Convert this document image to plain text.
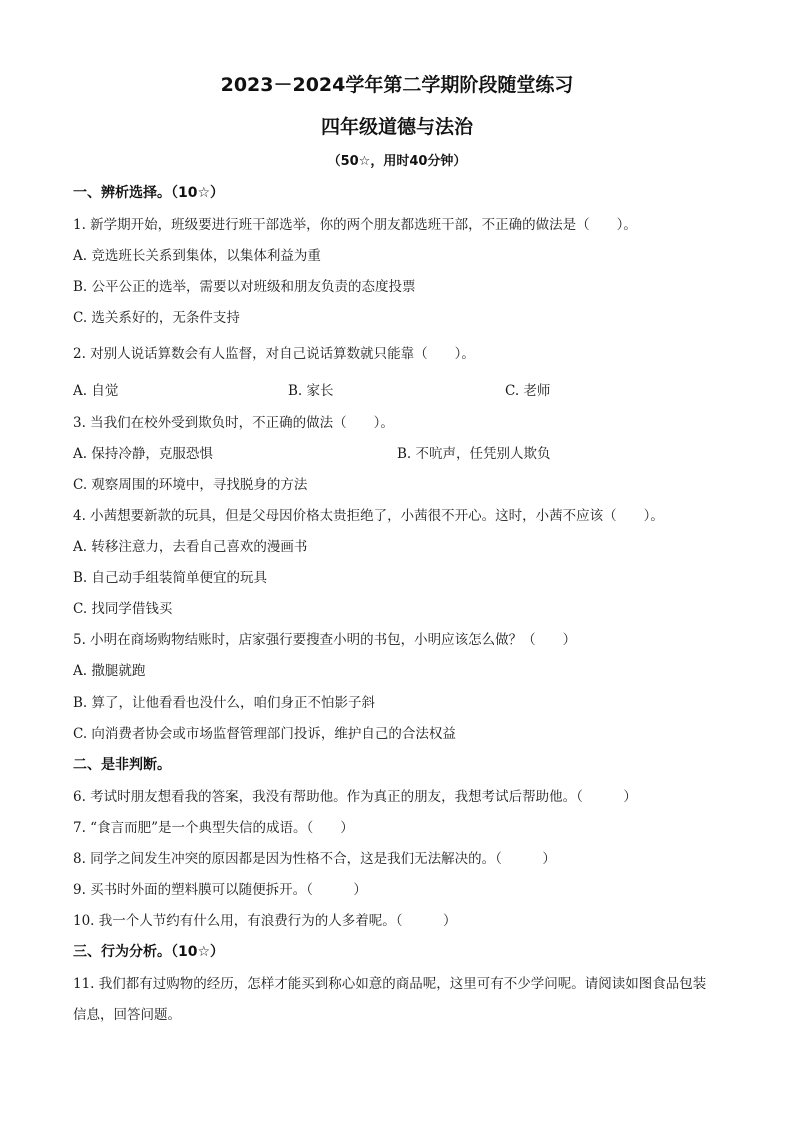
2023－2024学年第二学期阶段随堂练习
四年级道德与法治
（50☆，用时40分钟）
一、辨析选择。（10☆）
1. 新学期开始，班级要进行班干部选举，你的两个朋友都选班干部，不正确的做法是（　　）。
A. 竞选班长关系到集体，以集体利益为重
B. 公平公正的选举，需要以对班级和朋友负责的态度投票
C. 选关系好的，无条件支持
2. 对别人说话算数会有人监督，对自己说话算数就只能靠（　　）。
A. 自觉	B. 家长	C. 老师
3. 当我们在校外受到欺负时，不正确的做法（　　）。
A. 保持冷静，克服恐惧	B. 不吭声，任凭别人欺负
C. 观察周围的环境中，寻找脱身的方法
4. 小茜想要新款的玩具，但是父母因价格太贵拒绝了，小茜很不开心。这时，小茜不应该（　　）。
A. 转移注意力，去看自己喜欢的漫画书
B. 自己动手组装简单便宜的玩具
C. 找同学借钱买
5. 小明在商场购物结账时，店家强行要搜查小明的书包，小明应该怎么做？（　　）
A. 撒腿就跑
B. 算了，让他看看也没什么，咱们身正不怕影子斜
C. 向消费者协会或市场监督管理部门投诉，维护自己的合法权益
二、是非判断。
6. 考试时朋友想看我的答案，我没有帮助他。作为真正的朋友，我想考试后帮助他。（　　　）
7. “食言而肥”是一个典型失信的成语。（　　）
8. 同学之间发生冲突的原因都是因为性格不合，这是我们无法解决的。（　　　）
9. 买书时外面的塑料膜可以随便拆开。（　　　）
10. 我一个人节约有什么用，有浪费行为的人多着呢。（　　　）
三、行为分析。（10☆）
11. 我们都有过购物的经历，怎样才能买到称心如意的商品呢，这里可有不少学问呢。请阅读如图食品包装
信息，回答问题。
